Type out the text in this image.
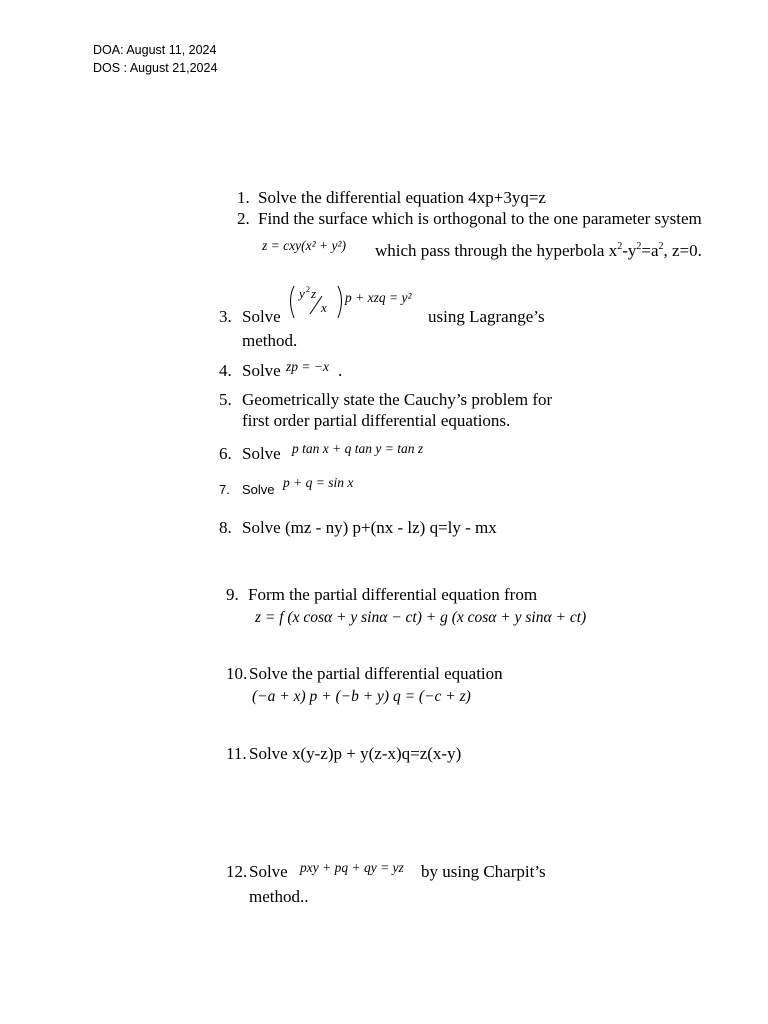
DOA: August 11, 2024
DOS : August 21,2024
1. Solve the differential equation 4xp+3yq=z
2. Find the surface which is orthogonal to the one parameter system
z = cxy(x² + y²) which pass through the hyperbola $x^2-y^2=a^2$, z=0.
3. Solve
y 2 z
x
p + xzq = y²
using Lagrange’s
method.
4. Solve zp = −x .
5. Geometrically state the Cauchy’s problem for
first order partial differential equations.
6. Solve p tan x + q tan y = tan z
7. Solve p + q = sin x
8. Solve (mz - ny) p+(nx - lz) q=ly - mx
9. Form the partial differential equation from
z = f (x cosα + y sinα − ct) + g (x cosα + y sinα + ct)
10. Solve the partial differential equation
(−a + x) p + (−b + y) q = (−c + z)
11. Solve x(y-z)p + y(z-x)q=z(x-y)
12. Solve pxy + pq + qy = yz by using Charpit’s
method..
